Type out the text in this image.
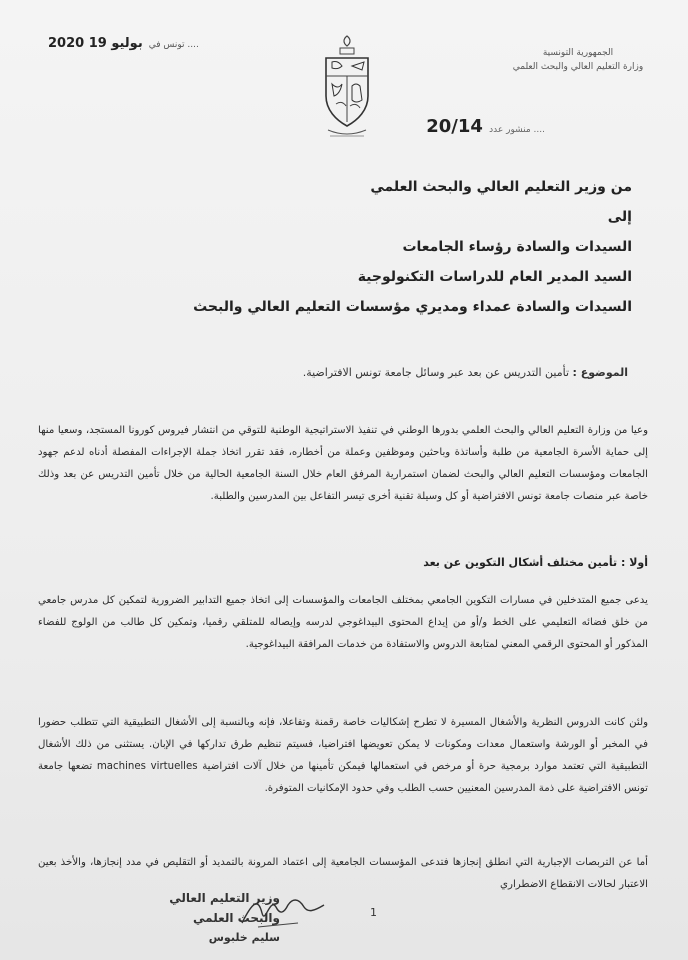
2020 بوليو 19 تونس في ....
الجمهورية التونسية
وزارة التعليم العالي والبحث العلمي
20/14 منشور عدد ....
من وزير التعليم العالي والبحث العلمي
إلى
السيدات والسادة رؤساء الجامعات
السيد المدير العام للدراسات التكنولوجية
السيدات والسادة عمداء ومديري مؤسسات التعليم العالي والبحث
الموضوع : تأمين التدريس عن بعد عبر وسائل جامعة تونس الافتراضية.
وعيا من وزارة التعليم العالي والبحث العلمي بدورها الوطني في تنفيذ الاستراتيجية الوطنية للتوقي من انتشار فيروس كورونا المستجد، وسعيا منها إلى حماية الأسرة الجامعية من طلبة وأساتذة وباحثين وموظفين وعملة من أخطاره، فقد تقرر اتخاذ جملة الإجراءات المفصلة أدناه لدعم جهود الجامعات ومؤسسات التعليم العالي والبحث لضمان استمرارية المرفق العام خلال السنة الجامعية الحالية من خلال تأمين التدريس عن بعد وذلك خاصة عبر منصات جامعة تونس الافتراضية أو كل وسيلة تقنية أخرى تيسر التفاعل بين المدرسين والطلبة.
أولا : تأمين مختلف أشكال التكوين عن بعد
يدعى جميع المتدخلين في مسارات التكوين الجامعي بمختلف الجامعات والمؤسسات إلى اتخاذ جميع التدابير الضرورية لتمكين كل مدرس جامعي من خلق فضائه التعليمي على الخط و/أو من إيداع المحتوى البيداغوجي لدرسه وإيصاله للمتلقي رقميا، وتمكين كل طالب من الولوج للفضاء المذكور أو المحتوى الرقمي المعني لمتابعة الدروس والاستفادة من خدمات المرافقة البيداغوجية.
ولئن كانت الدروس النظرية والأشغال المسيرة لا تطرح إشكاليات خاصة رقمنة وتفاعلا، فإنه وبالنسبة إلى الأشغال التطبيقية التي تتطلب حضورا في المخبر أو الورشة واستعمال معدات ومكونات لا يمكن تعويضها افتراضيا، فسيتم تنظيم طرق تداركها في الإبان. يستثنى من ذلك الأشغال التطبيقية التي تعتمد موارد برمجية حرة أو مرخص في استعمالها فيمكن تأمينها من خلال آلات افتراضية machines virtuelles تضعها جامعة تونس الافتراضية على ذمة المدرسين المعنيين حسب الطلب وفي حدود الإمكانيات المتوفرة.
أما عن التربصات الإجبارية التي انطلق إنجازها فتدعى المؤسسات الجامعية إلى اعتماد المرونة بالتمديد أو التقليص في مدد إنجازها، والأخذ بعين الاعتبار لحالات الانقطاع الاضطراري
وزير التعليم العالي
والبحث العلمي
سليم خلبوس
1
